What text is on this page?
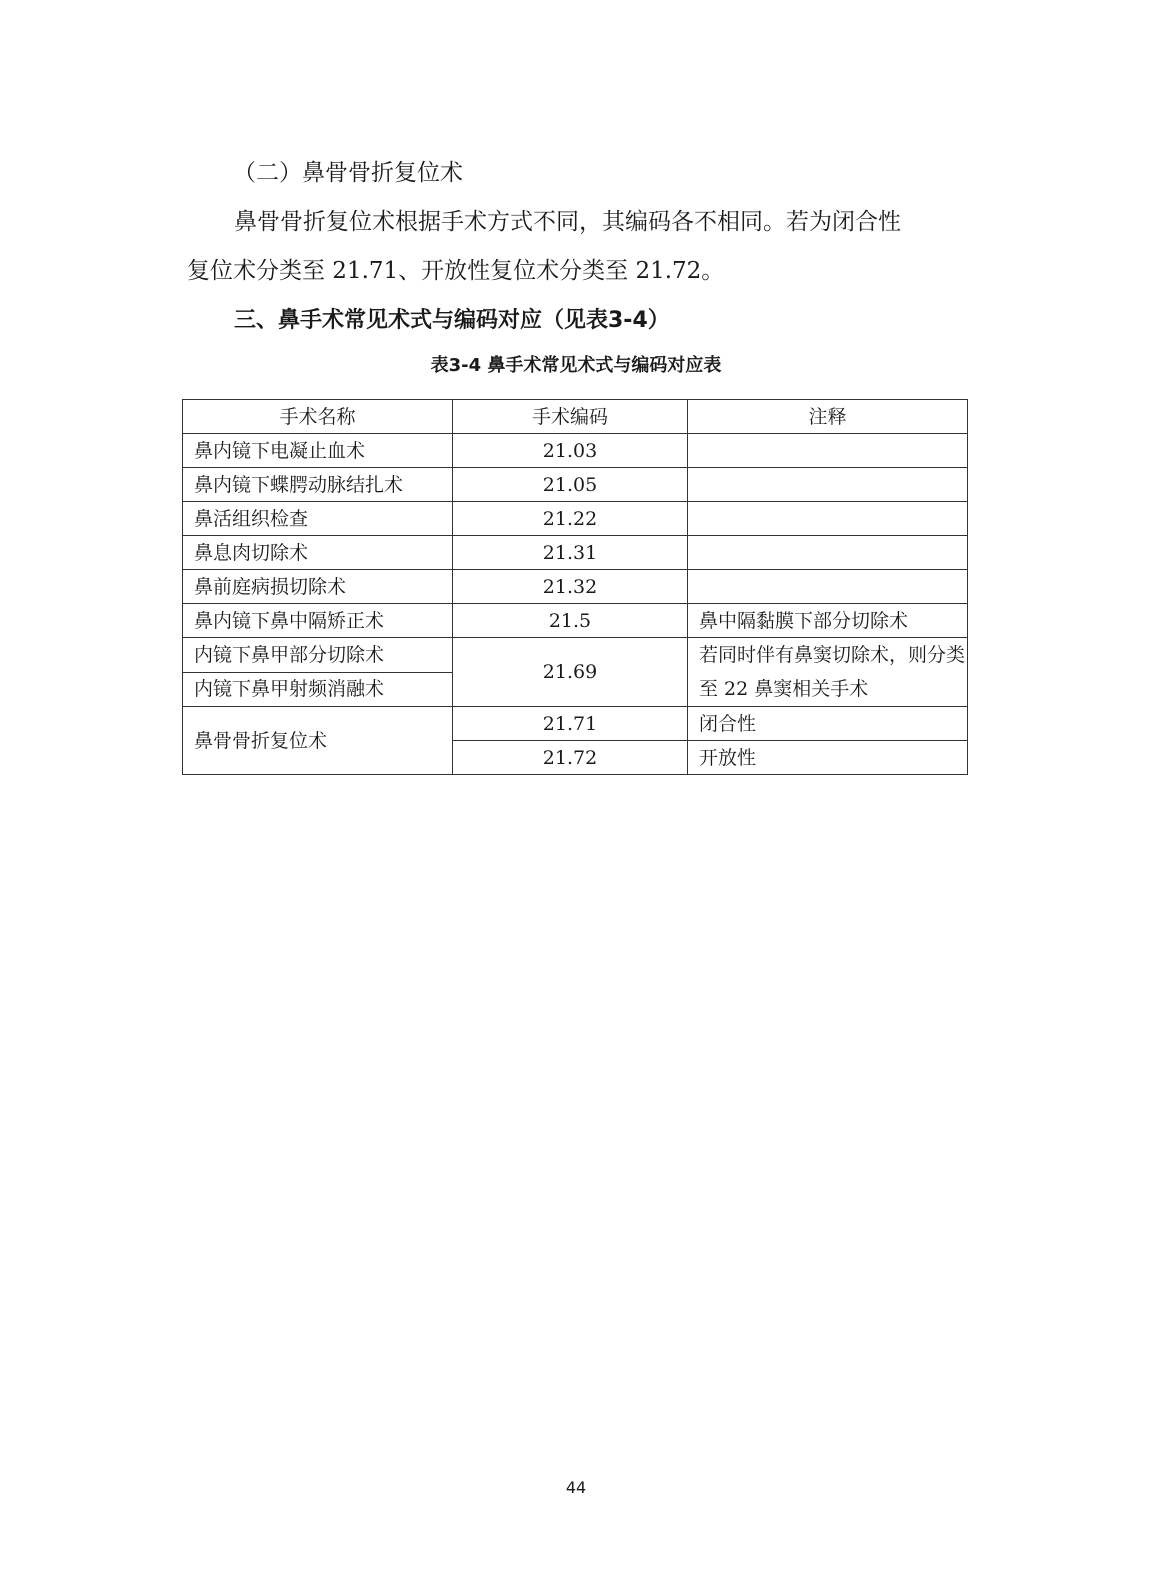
（二）鼻骨骨折复位术
鼻骨骨折复位术根据手术方式不同，其编码各不相同。若为闭合性
复位术分类至 21.71、开放性复位术分类至 21.72。
三、鼻手术常见术式与编码对应（见表3-4）
表3-4 鼻手术常见术式与编码对应表
手术名称	手术编码	注释
鼻内镜下电凝止血术	21.03	
鼻内镜下蝶腭动脉结扎术	21.05	
鼻活组织检查	21.22	
鼻息肉切除术	21.31	
鼻前庭病损切除术	21.32	
鼻内镜下鼻中隔矫正术	21.5	鼻中隔黏膜下部分切除术
内镜下鼻甲部分切除术	21.69	若同时伴有鼻窦切除术，则分类至 22 鼻窦相关手术
内镜下鼻甲射频消融术		
鼻骨骨折复位术	21.71	闭合性
	21.72	开放性
44
